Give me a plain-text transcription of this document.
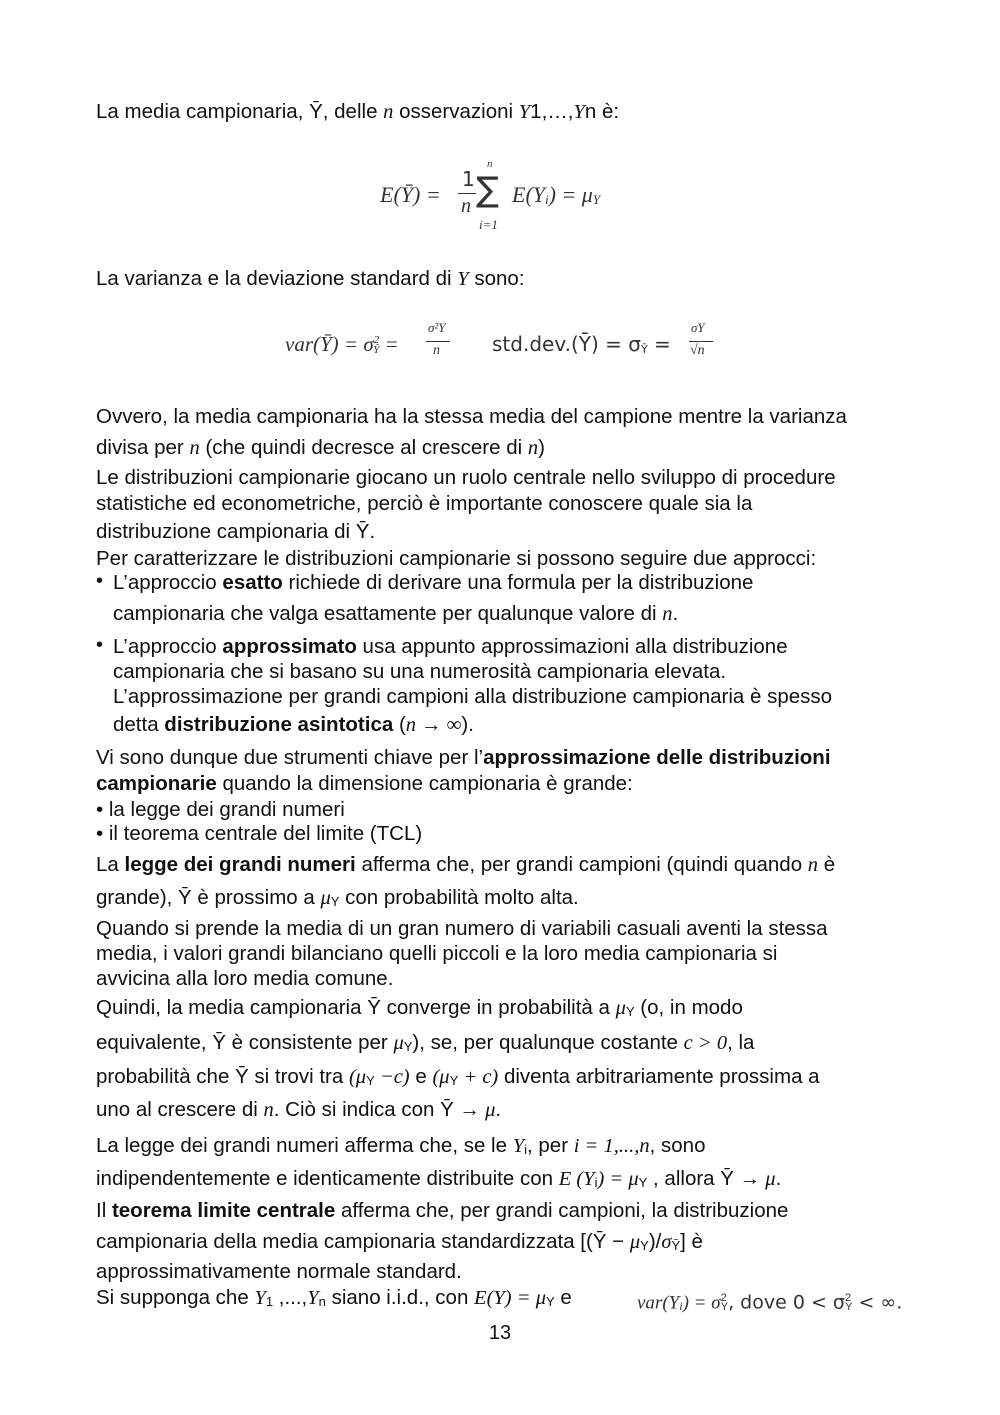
La media campionaria, Ȳ, delle n osservazioni Y1,…,Yn è:
E(Ȳ) =
1
n
n
∑
i=1
E(Yi) = μY
La varianza e la deviazione standard di Y sono:
var(Ȳ) = $\sigma^2Ȳ$ =
σ²Y
n	std.dev.(Ȳ) = σȲ =
σY
√n
Ovvero, la media campionaria ha la stessa media del campione mentre la varianza
divisa per n (che quindi decresce al crescere di n)
Le distribuzioni campionarie giocano un ruolo centrale nello sviluppo di procedure
statistiche ed econometriche, perciò è importante conoscere quale sia la
distribuzione campionaria di Ȳ.
Per caratterizzare le distribuzioni campionarie si possono seguire due approcci:
• L’approccio esatto richiede di derivare una formula per la distribuzione
campionaria che valga esattamente per qualunque valore di n.
• L’approccio approssimato usa appunto approssimazioni alla distribuzione
campionaria che si basano su una numerosità campionaria elevata.
L’approssimazione per grandi campioni alla distribuzione campionaria è spesso
detta distribuzione asintotica (n → ∞).
Vi sono dunque due strumenti chiave per l’approssimazione delle distribuzioni
campionarie quando la dimensione campionaria è grande:
• la legge dei grandi numeri
• il teorema centrale del limite (TCL)
La legge dei grandi numeri afferma che, per grandi campioni (quindi quando n è
grande), Ȳ è prossimo a μY con probabilità molto alta.
Quando si prende la media di un gran numero di variabili casuali aventi la stessa
media, i valori grandi bilanciano quelli piccoli e la loro media campionaria si
avvicina alla loro media comune.
Quindi, la media campionaria Ȳ converge in probabilità a μY (o, in modo
equivalente, Ȳ è consistente per μY), se, per qualunque costante c > 0, la
probabilità che Ȳ si trovi tra (μY −c) e (μY + c) diventa arbitrariamente prossima a
uno al crescere di n. Ciò si indica con Ȳ → μ.
La legge dei grandi numeri afferma che, se le Yi, per i = 1,...,n, sono
indipendentemente e identicamente distribuite con E (Yi) = μY , allora Ȳ → μ.
Il teorema limite centrale afferma che, per grandi campioni, la distribuzione
campionaria della media campionaria standardizzata [(Ȳ − μY)/σȲ] è
approssimativamente normale standard.
Si supponga che Y1 ,...,Yn siano i.i.d., con E(Y) = μY e	$var(Yi) = \sigma^2Y$, dove $0 < \sigma^2Y$ < ∞.
13
